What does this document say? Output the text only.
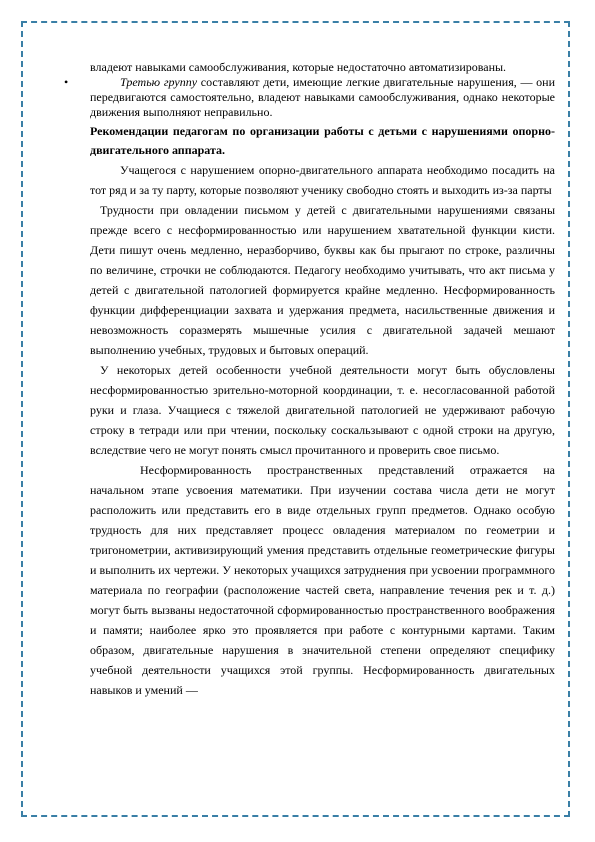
владеют навыками самообслуживания, которые недостаточно автоматизированы.

•	Третью группу составляют дети, имеющие легкие двигательные нарушения, — они передвигаются самостоятельно, владеют навыками самообслуживания, однако некоторые движения выполняют неправильно.

Рекомендации педагогам по организации работы с детьми с нарушениями опорно-двигательного аппарата.

Учащегося с нарушением опорно-двигательного аппарата необходимо посадить на тот ряд и за ту парту, которые позволяют ученику свободно стоять и выходить из-за парты

Трудности при овладении письмом у детей с двигательными нарушениями связаны прежде всего с несформированностью или нарушением хватательной функции кисти. Дети пишут очень медленно, неразборчиво, буквы как бы прыгают по строке, различны по величине, строчки не соблюдаются. Педагогу необходимо учитывать, что акт письма у детей с двигательной патологией формируется крайне медленно. Несформированность функции дифференциации захвата и удержания предмета, насильственные движения и невозможность соразмерять мышечные усилия с двигательной задачей мешают выполнению учебных, трудовых и бытовых операций.

У некоторых детей особенности учебной деятельности могут быть обусловлены несформированностью зрительно-моторной координации, т. е. несогласованной работой руки и глаза. Учащиеся с тяжелой двигательной патологией не удерживают рабочую строку в тетради или при чтении, поскольку соскальзывают с одной строки на другую, вследствие чего не могут понять смысл прочитанного и проверить свое письмо.

Несформированность пространственных представлений отражается на начальном этапе усвоения математики. При изучении состава числа дети не могут расположить или представить его в виде отдельных групп предметов. Однако особую трудность для них представляет процесс овладения материалом по геометрии и тригонометрии, активизирующий умения представить отдельные геометрические фигуры и выполнить их чертежи. У некоторых учащихся затруднения при усвоении программного материала по географии (расположение частей света, направление течения рек и т. д.) могут быть вызваны недостаточной сформированностью пространственного воображения и памяти; наиболее ярко это проявляется при работе с контурными картами. Таким образом, двигательные нарушения в значительной степени определяют специфику учебной деятельности учащихся этой группы. Несформированность двигательных навыков и умений —
